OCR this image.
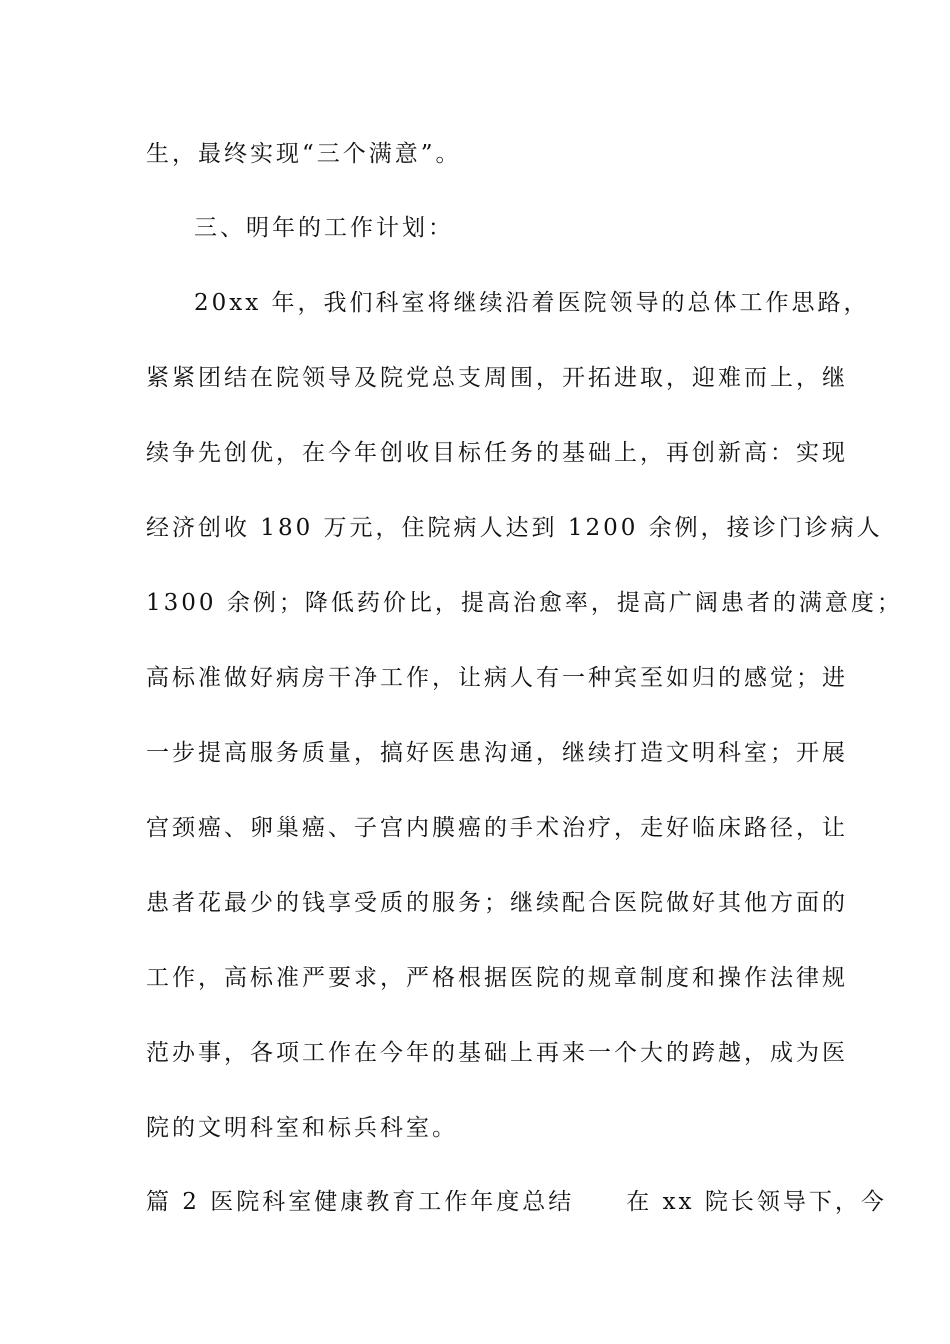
生，最终实现“三个满意”。
三、明年的工作计划：
20xx 年，我们科室将继续沿着医院领导的总体工作思路，
紧紧团结在院领导及院党总支周围，开拓进取，迎难而上，继
续争先创优，在今年创收目标任务的基础上，再创新高：实现
经济创收 180 万元，住院病人达到 1200 余例，接诊门诊病人
1300 余例；降低药价比，提高治愈率，提高广阔患者的满意度；
高标准做好病房干净工作，让病人有一种宾至如归的感觉；进
一步提高服务质量，搞好医患沟通，继续打造文明科室；开展
宫颈癌、卵巢癌、子宫内膜癌的手术治疗，走好临床路径，让
患者花最少的钱享受质的服务；继续配合医院做好其他方面的
工作，高标准严要求，严格根据医院的规章制度和操作法律规
范办事，各项工作在今年的基础上再来一个大的跨越，成为医
院的文明科室和标兵科室。
篇 2 医院科室健康教育工作年度总结 在 xx 院长领导下，今
